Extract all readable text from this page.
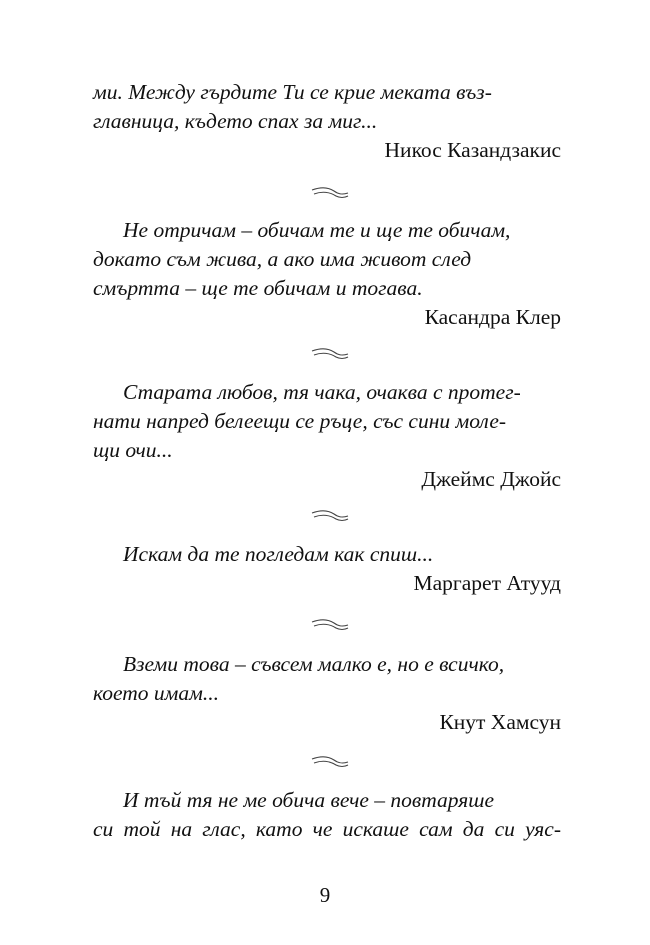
ми. Между гърдите Ти се крие меката въз-

главница, където спах за миг...

Никос Казандзакис

Не отричам – обичам те и ще те обичам,

докато съм жива, а ако има живот след

смъртта – ще те обичам и тогава.

Касандра Клер

Старата любов, тя чака, очаква с протег-

нати напред белеещи се ръце, със сини моле-

щи очи...

Джеймс Джойс

Искам да те погледам как спиш...

Маргарет Атууд

Вземи това – съвсем малко е, но е всичко,

което имам...

Кнут Хамсун

И тъй тя не ме обича вече – повтаряше

си той на глас, като че искаше сам да си уяс-

9
